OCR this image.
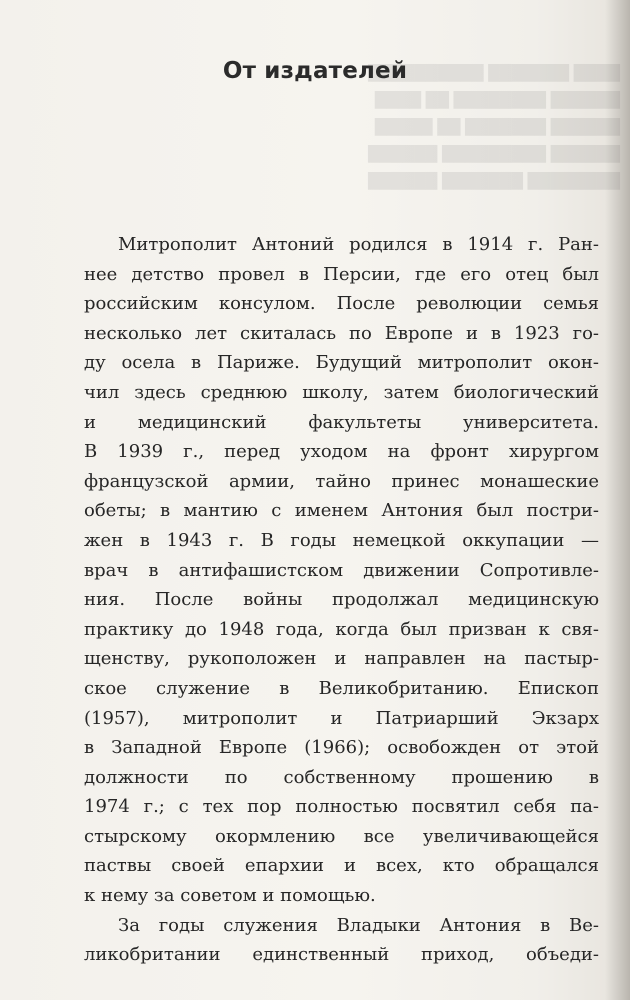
████ ███████ ██████████
██████ ████████ ██ ████
██████ ███████ ██ █████
██████ █████████ ██████
████████ ███████ ██████
От издателей
Митрополит Антоний родился в 1914 г. Ран-
нее детство провел в Персии, где его отец был
российским консулом. После революции семья
несколько лет скиталась по Европе и в 1923 го-
ду осела в Париже. Будущий митрополит окон-
чил здесь среднюю школу, затем биологический
и медицинский факультеты университета.
В 1939 г., перед уходом на фронт хирургом
французской армии, тайно принес монашеские
обеты; в мантию с именем Антония был постри-
жен в 1943 г. В годы немецкой оккупации —
врач в антифашистском движении Сопротивле-
ния. После войны продолжал медицинскую
практику до 1948 года, когда был призван к свя-
щенству, рукоположен и направлен на пастыр-
ское служение в Великобританию. Епископ
(1957), митрополит и Патриарший Экзарх
в Западной Европе (1966); освобожден от этой
должности по собственному прошению в
1974 г.; с тех пор полностью посвятил себя па-
стырскому окормлению все увеличивающейся
паствы своей епархии и всех, кто обращался
к нему за советом и помощью.
За годы служения Владыки Антония в Ве-
ликобритании единственный приход, объеди-
